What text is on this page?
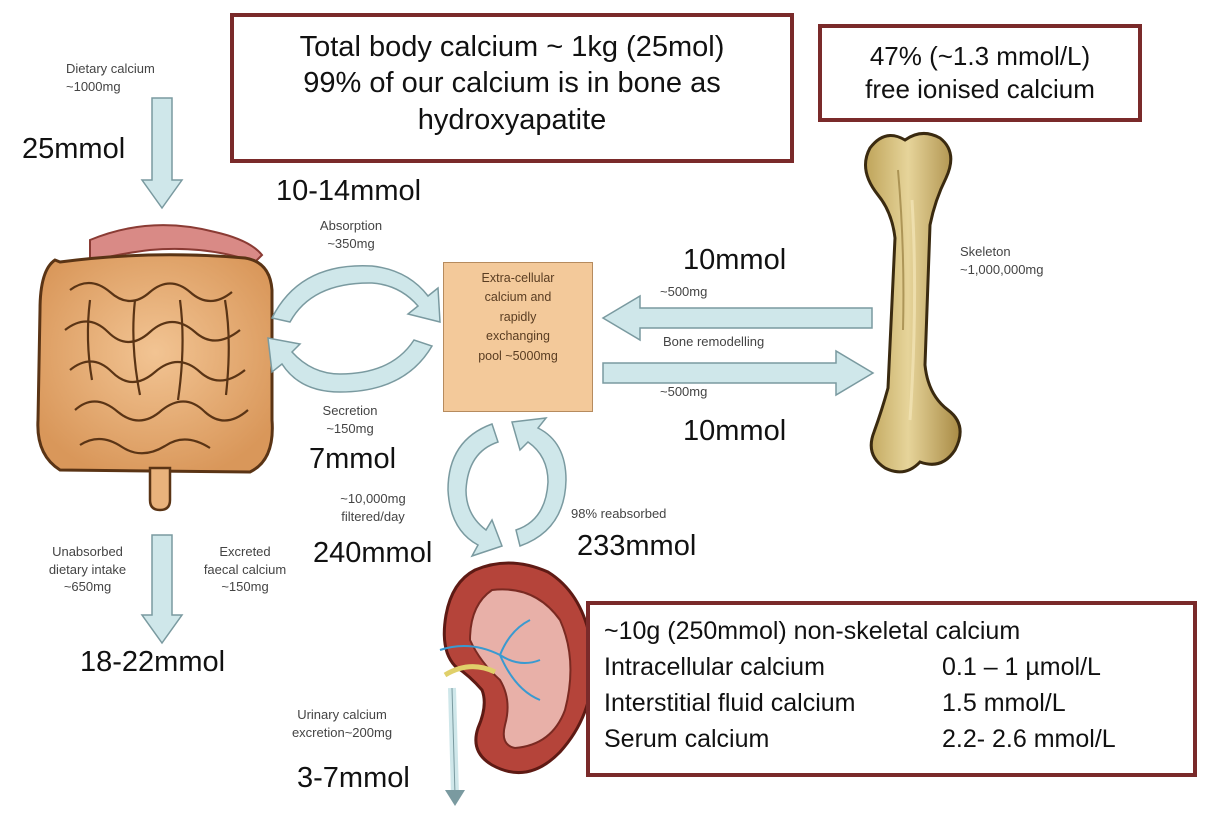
Total body calcium ~ 1kg (25mol)
99% of our calcium is in bone as
hydroxyapatite
47% (~1.3 mmol/L)
free ionised calcium
Dietary calcium
~1000mg
25mmol
10-14mmol
Absorption
~350mg
Secretion
~150mg
7mmol
Extra-cellular
calcium and
rapidly
exchanging
pool ~5000mg
10mmol
~500mg
Bone remodelling
~500mg
10mmol
Skeleton
~1,000,000mg
~10,000mg
filtered/day
240mmol
98% reabsorbed
233mmol
Unabsorbed
dietary intake
~650mg
Excreted
faecal calcium
~150mg
18-22mmol
Urinary calcium
excretion~200mg
3-7mmol
~10g (250mmol) non-skeletal calcium
Intracellular calcium	0.1 – 1 µmol/L
Interstitial fluid calcium	1.5 mmol/L
Serum calcium	2.2- 2.6 mmol/L
